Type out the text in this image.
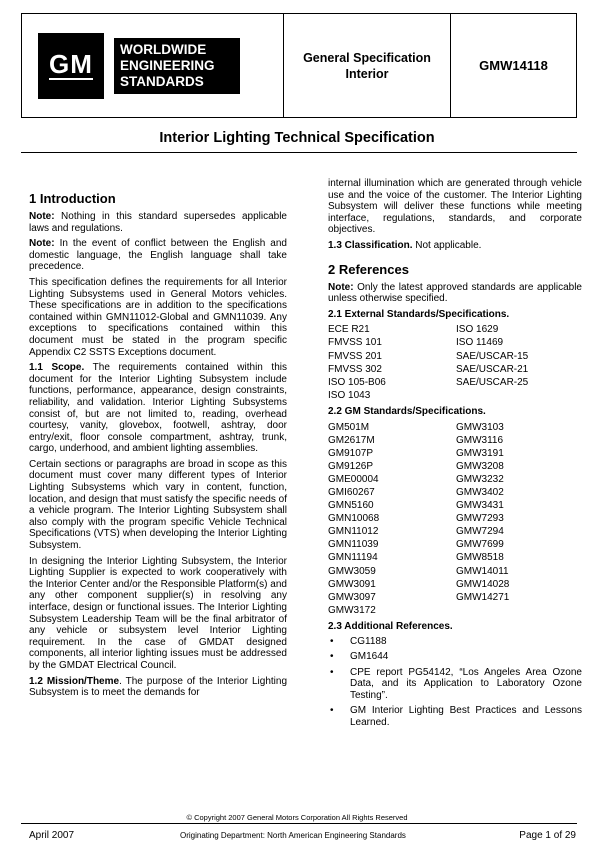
GM	WORLDWIDE ENGINEERING STANDARDS
General Specification Interior
GMW14118
Interior Lighting Technical Specification
1 Introduction

Note: Nothing in this standard supersedes applicable laws and regulations.

Note: In the event of conflict between the English and domestic language, the English language shall take precedence.

This specification defines the requirements for all Interior Lighting Subsystems used in General Motors vehicles. These specifications are in addition to the specifications contained within GMN11012-Global and GMN11039. Any exceptions to specifications contained within this document must be stated in the program specific Appendix C2 SSTS Exceptions document.

1.1 Scope. The requirements contained within this document for the Interior Lighting Subsystem include functions, performance, appearance, design constraints, reliability, and validation. Interior Lighting Subsystems consist of, but are not limited to, reading, overhead courtesy, vanity, glovebox, footwell, ashtray, door entry/exit, floor console compartment, ashtray, trunk, cargo, underhood, and ambient lighting assemblies.

Certain sections or paragraphs are broad in scope as this document must cover many different types of Interior Lighting Subsystems which vary in content, function, location, and design that must satisfy the specific needs of a vehicle program. The Interior Lighting Subsystem shall also comply with the program specific Vehicle Technical Specifications (VTS) when developing the Interior Lighting Subsystem.

In designing the Interior Lighting Subsystem, the Interior Lighting Supplier is expected to work cooperatively with the Interior Center and/or the Responsible Platform(s) and any other component supplier(s) in resolving any interface, design or functional issues. The Interior Lighting Subsystem Leadership Team will be the final arbitrator of any vehicle or subsystem level Interior Lighting requirement. In the case of GMDAT designed components, all interior lighting issues must be addressed by the GMDAT Electrical Council.

1.2 Mission/Theme. The purpose of the Interior Lighting Subsystem is to meet the demands for

internal illumination which are generated through vehicle use and the voice of the customer. The Interior Lighting Subsystem will deliver these functions while meeting interface, regulations, standards, and corporate objectives.

1.3 Classification. Not applicable.

2 References

Note: Only the latest approved standards are applicable unless otherwise specified.

2.1 External Standards/Specifications.
ECE R21	ISO 1629
FMVSS 101	ISO 11469
FMVSS 201	SAE/USCAR-15
FMVSS 302	SAE/USCAR-21
ISO 105-B06	SAE/USCAR-25
ISO 1043
2.2 GM Standards/Specifications.
GM501M	GMW3103
GM2617M	GMW3116
GM9107P	GMW3191
GM9126P	GMW3208
GME00004	GMW3232
GMI60267	GMW3402
GMN5160	GMW3431
GMN10068	GMW7293
GMN11012	GMW7294
GMN11039	GMW7699
GMN11194	GMW8518
GMW3059	GMW14011
GMW3091	GMW14028
GMW3097	GMW14271
GMW3172
2.3 Additional References.
• CG1188
• GM1644
• CPE report PG54142, “Los Angeles Area Ozone Data, and its Application to Laboratory Ozone Testing”.
• GM Interior Lighting Best Practices and Lessons Learned.
© Copyright 2007 General Motors Corporation All Rights Reserved
April 2007	Originating Department: North American Engineering Standards	Page 1 of 29
